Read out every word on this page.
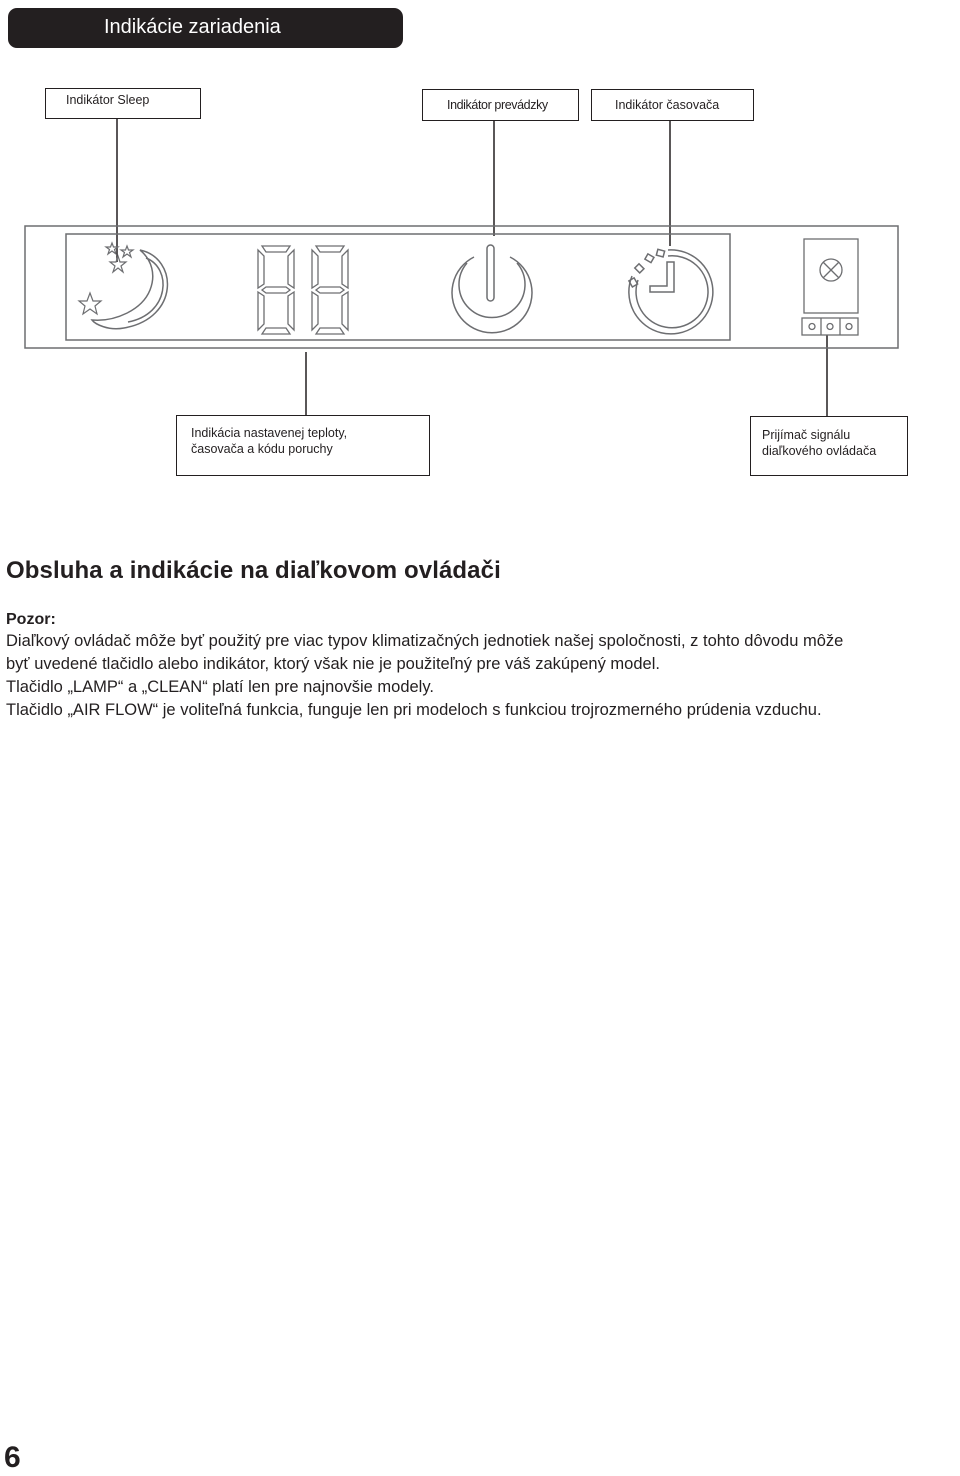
Indikácie zariadenia
Indikátor Sleep	Indikátor prevádzky	Indikátor časovača
Indikácia nastavenej teploty,
časovača a kódu poruchy
Prijímač signálu
diaľkového ovládača
Obsluha a indikácie na diaľkovom ovládači
Pozor:
Diaľkový ovládač môže byť použitý pre viac typov klimatizačných jednotiek našej spoločnosti, z tohto dôvodu môže
byť uvedené tlačidlo alebo indikátor, ktorý však nie je použiteľný pre váš zakúpený model.
Tlačidlo „LAMP“ a „CLEAN“ platí len pre najnovšie modely.
Tlačidlo „AIR FLOW“ je voliteľná funkcia, funguje len pri modeloch s funkciou trojrozmerného prúdenia vzduchu.
6
